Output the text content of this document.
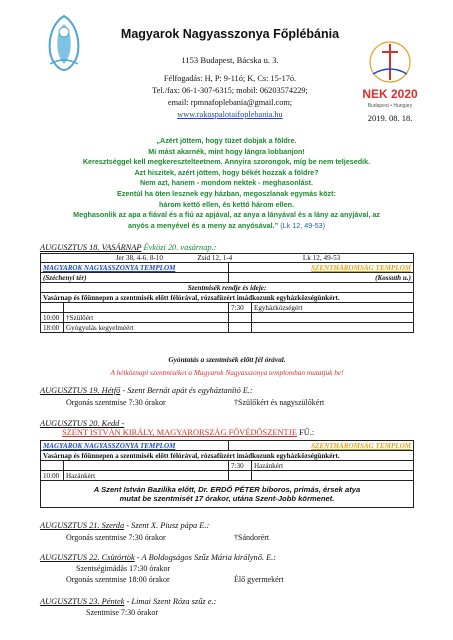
Magyarok Nagyasszonya Főplébánia
1153 Budapest, Bácska u. 3.
Félfogadás: H, P: 9-11ó; K, Cs: 15-17ó.
Tel./fax: 06-1-307-6315; mobil: 06203574229;
email: rpmnafoplebania@gmail.com;
www.rakospalotaifoplebania.hu
NEK 2020
Budapest • Hungary
2019. 08. 18.
„Azért jöttem, hogy tüzet dobjak a földre.
Mi mást akarnék, mint hogy lángra lobbanjon!
Keresztséggel kell megkeresztelteetnem. Annyira szorongok, míg be nem teljesedik.
Azt hiszitek, azért jöttem, hogy békét hozzak a földre?
Nem azt, hanem - mondom nektek - meghasonlást.
Ezentúl ha öten lesznek egy házban, megoszlanak egymás közt:
három kettő ellen, és kettő három ellen.
Meghasonlik az apa a fiával és a fiú az apjával, az anya a lányával és a lány az anyjával, az
anyós a menyével és a meny az anyósával.” (Lk 12, 49-53)
AUGUSZTUS 18. VASÁRNAP Évközi 20. vasárnap.:
Jer 38, 4-6. 8-10 Zsid 12, 1-4 Lk 12, 49-53			
MAGYAROK NAGYASSZONYA TEMPLOM		SZENTHÁROMSÁG TEMPLOM	
(Széchenyi tér)		(Kossuth u.)	
Szentmisék rendje és ideje:			
Vasárnap és főünnepen a szentmisék előtt félórával, rózsafüzért imádkozunk egyházközségünkért.			
		7:30	Egyházközségért
10:00	†Szülőért		
18:00	Gyógyulás kegyelméért		
Gyóntatás a szentmisék előtt fél órával.
A hétköznapi szentmiséket a Magyarok Nagyasszonya templomban mutatjuk be!
AUGUSZTUS 19. Hétfő - Szent Bernát apát és egyháztanító E.:
Orgonás szentmise 7:30 órakor	†Szülőkért és nagyszülőkért
AUGUSZTUS 20. Kedd -
SZENT ISTVÁN KIRÁLY, MAGYARORSZÁG FŐVÉDŐSZENTJE FŰ.:
MAGYAROK NAGYASSZONYA TEMPLOM		SZENTHÁROMSÁG TEMPLOM	
Vasárnap és főünnepen a szentmisék előtt félórával, rózsafüzért imádkozunk egyházközségünkért.			
		7:30	Hazánkért
10:00	Hazánkért		

A Szent István Bazilika előtt, Dr. ERDŐ PÉTER bíboros, prímás, érsek atya
mutat be szentmisét 17 órakor, utána Szent-Jobb körmenet.			
AUGUSZTUS 21. Szerda - Szent X. Piusz pápa E.:
Orgonás szentmise 7:30 órakor	†Sándorért
AUGUSZTUS 22. Csütörtök - A Boldogságos Szűz Mária királynő. E.:
Szentségimádás 17:30 órakor
Orgonás szentmise 18:00 órakor	Élő gyermekért
AUGUSZTUS 23. Péntek - Limai Szent Róza szűz e.:
Szentmise 7:30 órakor
